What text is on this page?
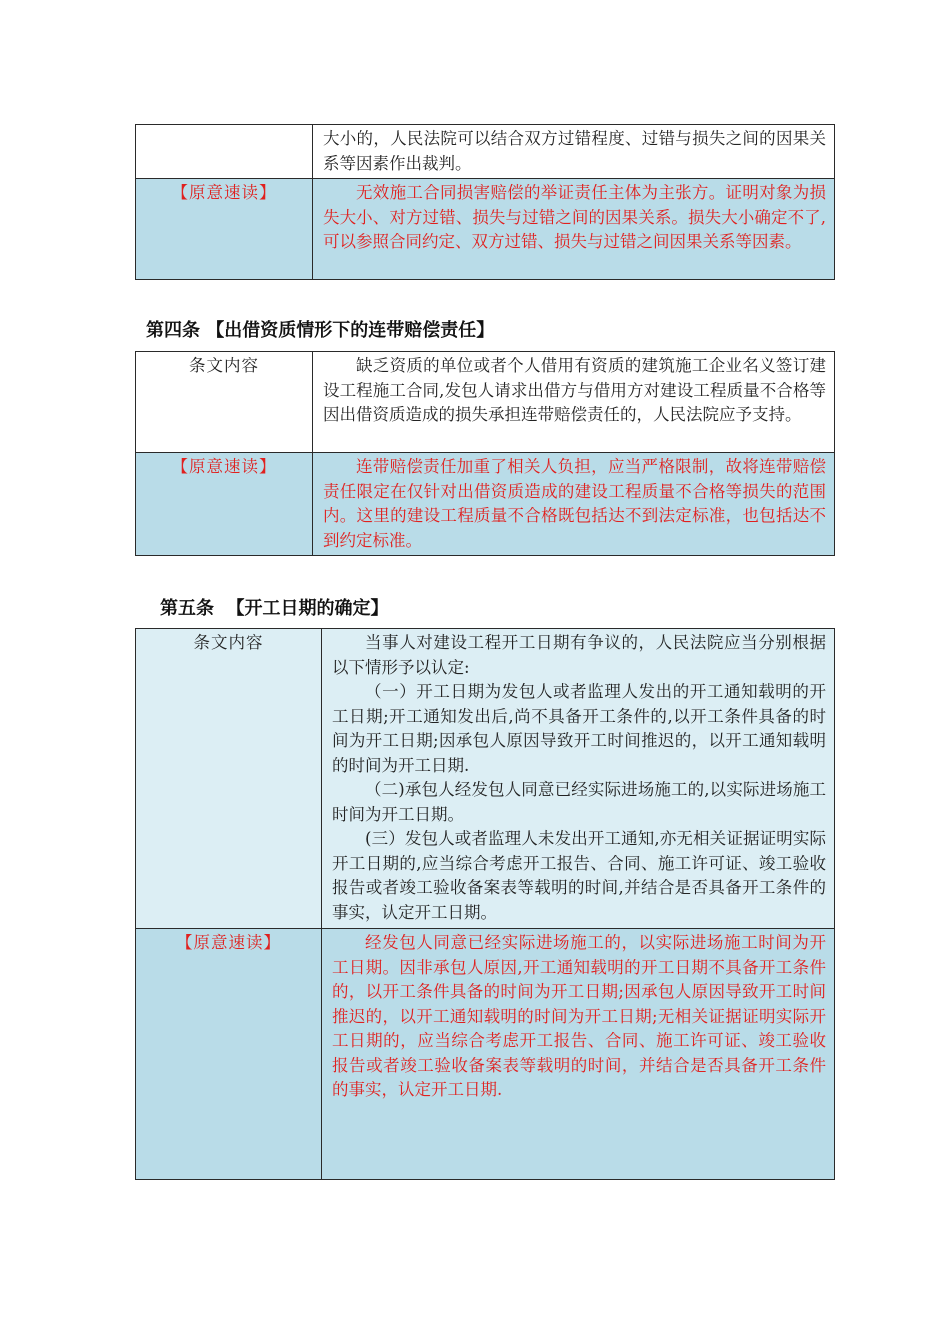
	大小的，人民法院可以结合双方过错程度、过错与损失之间的因果关系等因素作出裁判。
【原意速读】	无效施工合同损害赔偿的举证责任主体为主张方。证明对象为损失大小、对方过错、损失与过错之间的因果关系。损失大小确定不了,可以参照合同约定、双方过错、损失与过错之间因果关系等因素。

第四条 【出借资质情形下的连带赔偿责任】
条文内容	缺乏资质的单位或者个人借用有资质的建筑施工企业名义签订建设工程施工合同,发包人请求出借方与借用方对建设工程质量不合格等因出借资质造成的损失承担连带赔偿责任的，人民法院应予支持。

【原意速读】	连带赔偿责任加重了相关人负担，应当严格限制，故将连带赔偿责任限定在仅针对出借资质造成的建设工程质量不合格等损失的范围内。这里的建设工程质量不合格既包括达不到法定标准，也包括达不到约定标准。

第五条  【开工日期的确定】
条文内容	当事人对建设工程开工日期有争议的，人民法院应当分别根据以下情形予以认定:

（一）开工日期为发包人或者监理人发出的开工通知载明的开工日期;开工通知发出后,尚不具备开工条件的,以开工条件具备的时间为开工日期;因承包人原因导致开工时间推迟的，以开工通知载明的时间为开工日期.

（二)承包人经发包人同意已经实际进场施工的,以实际进场施工时间为开工日期。

(三）发包人或者监理人未发出开工通知,亦无相关证据证明实际开工日期的,应当综合考虑开工报告、合同、施工许可证、竣工验收报告或者竣工验收备案表等载明的时间,并结合是否具备开工条件的事实，认定开工日期。

【原意速读】	经发包人同意已经实际进场施工的，以实际进场施工时间为开工日期。因非承包人原因,开工通知载明的开工日期不具备开工条件的，以开工条件具备的时间为开工日期;因承包人原因导致开工时间推迟的，以开工通知载明的时间为开工日期;无相关证据证明实际开工日期的，应当综合考虑开工报告、合同、施工许可证、竣工验收报告或者竣工验收备案表等载明的时间，并结合是否具备开工条件的事实，认定开工日期.
